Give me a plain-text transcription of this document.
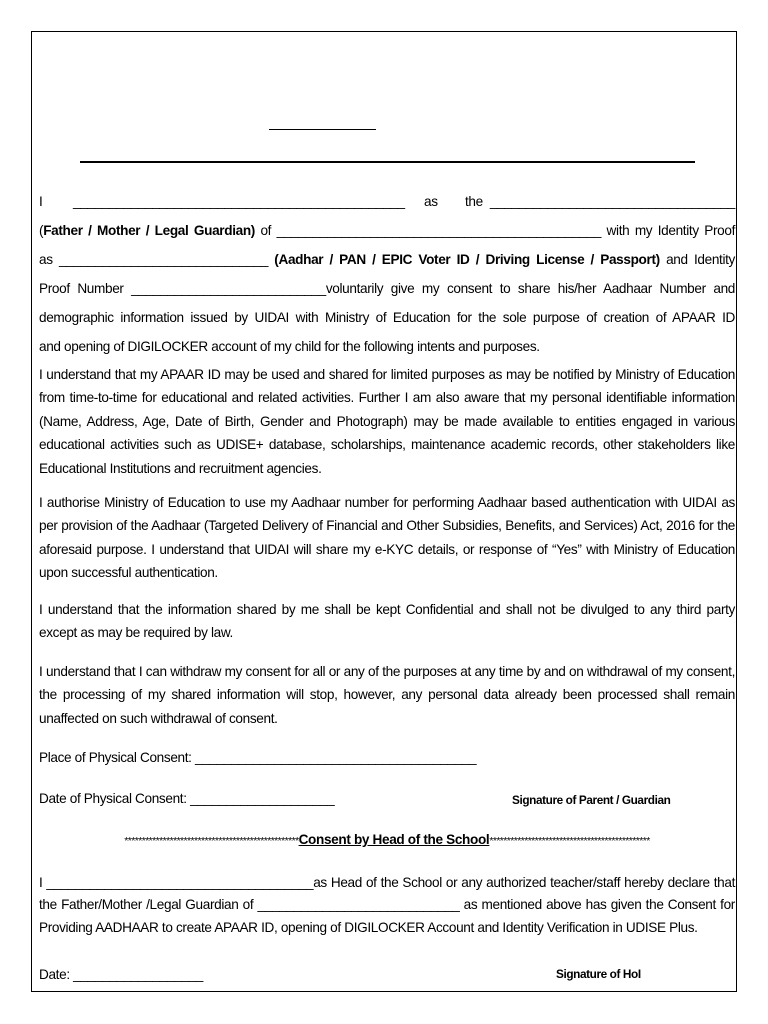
I ______________________________________________ as the __________________________________
(Father / Mother / Legal Guardian) of _____________________________________________ with my Identity Proof
as _____________________________ (Aadhar / PAN / EPIC Voter ID / Driving License / Passport) and Identity
Proof Number ___________________________voluntarily give my consent to share his/her Aadhaar Number and
demographic information issued by UIDAI with Ministry of Education for the sole purpose of creation of APAAR ID
and opening of DIGILOCKER account of my child for the following intents and purposes.
I understand that my APAAR ID may be used and shared for limited purposes as may be notified by Ministry of Education from time-to-time for educational and related activities. Further I am also aware that my personal identifiable information (Name, Address, Age, Date of Birth, Gender and Photograph) may be made available to entities engaged in various educational activities such as UDISE+ database, scholarships, maintenance academic records, other stakeholders like Educational Institutions and recruitment agencies.
I authorise Ministry of Education to use my Aadhaar number for performing Aadhaar based authentication with UIDAI as per provision of the Aadhaar (Targeted Delivery of Financial and Other Subsidies, Benefits, and Services) Act, 2016 for the aforesaid purpose. I understand that UIDAI will share my e-KYC details, or response of “Yes” with Ministry of Education upon successful authentication.
I understand that the information shared by me shall be kept Confidential and shall not be divulged to any third party except as may be required by law.
I understand that I can withdraw my consent for all or any of the purposes at any time by and on withdrawal of my consent, the processing of my shared information will stop, however, any personal data already been processed shall remain unaffected on such withdrawal of consent.
Place of Physical Consent: _______________________________________
Date of Physical Consent: ____________________	Signature of Parent / Guardian
**************************************************Consent by Head of the School**********************************************
I _____________________________________as Head of the School or any authorized teacher/staff hereby declare that the Father/Mother /Legal Guardian of ____________________________ as mentioned above has given the Consent for Providing AADHAAR to create APAAR ID, opening of DIGILOCKER Account and Identity Verification in UDISE Plus.
Date: __________________	Signature of HoI
